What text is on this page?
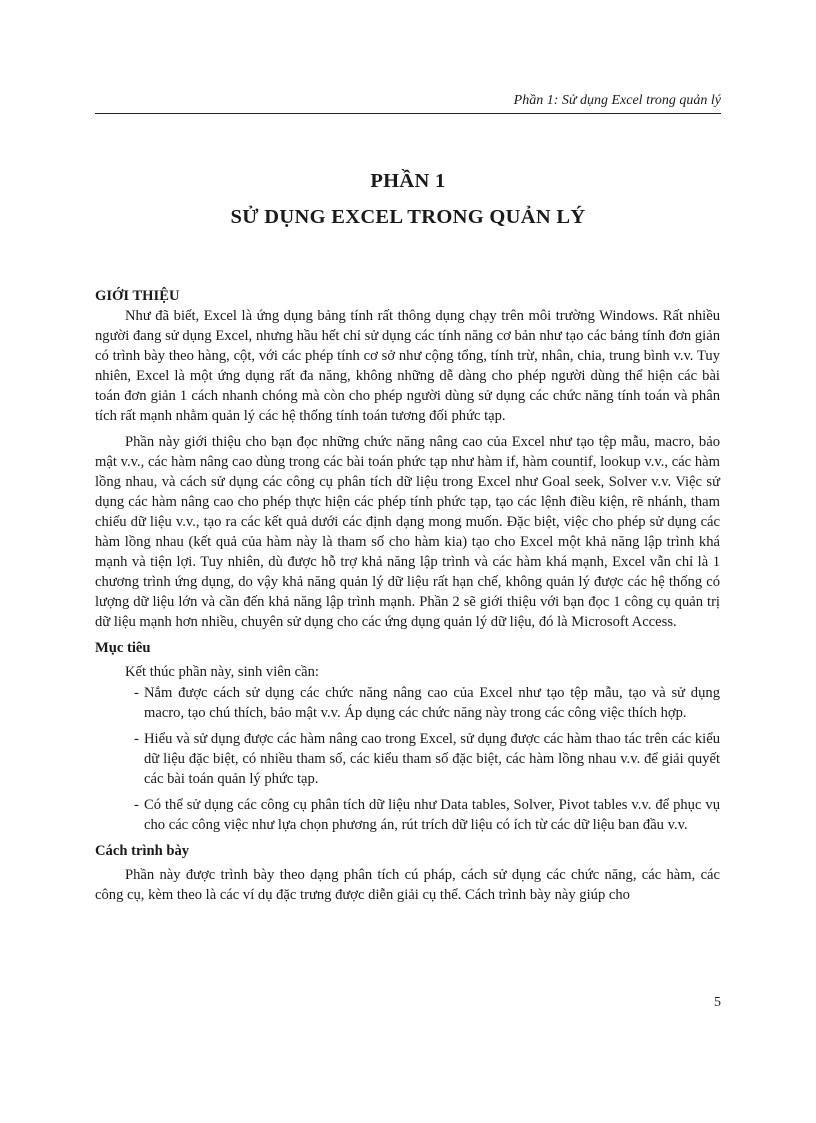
Phần 1: Sử dụng Excel trong quản lý
PHẦN 1
SỬ DỤNG EXCEL TRONG QUẢN LÝ

GIỚI THIỆU

Như đã biết, Excel là ứng dụng bảng tính rất thông dụng chạy trên môi trường Windows. Rất nhiều người đang sử dụng Excel, nhưng hầu hết chỉ sử dụng các tính năng cơ bản như tạo các bảng tính đơn giản có trình bày theo hàng, cột, với các phép tính cơ sở như cộng tổng, tính trừ, nhân, chia, trung bình v.v. Tuy nhiên, Excel là một ứng dụng rất đa năng, không những dễ dàng cho phép người dùng thể hiện các bài toán đơn giản 1 cách nhanh chóng mà còn cho phép người dùng sử dụng các chức năng tính toán và phân tích rất mạnh nhằm quản lý các hệ thống tính toán tương đối phức tạp.

Phần này giới thiệu cho bạn đọc những chức năng nâng cao của Excel như tạo tệp mẫu, macro, bảo mật v.v., các hàm nâng cao dùng trong các bài toán phức tạp như hàm if, hàm countif, lookup v.v., các hàm lồng nhau, và cách sử dụng các công cụ phân tích dữ liệu trong Excel như Goal seek, Solver v.v. Việc sử dụng các hàm nâng cao cho phép thực hiện các phép tính phức tạp, tạo các lệnh điều kiện, rẽ nhánh, tham chiếu dữ liệu v.v., tạo ra các kết quả dưới các định dạng mong muốn. Đặc biệt, việc cho phép sử dụng các hàm lồng nhau (kết quả của hàm này là tham số cho hàm kia) tạo cho Excel một khả năng lập trình khá mạnh và tiện lợi. Tuy nhiên, dù được hỗ trợ khả năng lập trình và các hàm khá mạnh, Excel vẫn chỉ là 1 chương trình ứng dụng, do vậy khả năng quản lý dữ liệu rất hạn chế, không quản lý được các hệ thống có lượng dữ liệu lớn và cần đến khả năng lập trình mạnh. Phần 2 sẽ giới thiệu với bạn đọc 1 công cụ quản trị dữ liệu mạnh hơn nhiều, chuyên sử dụng cho các ứng dụng quản lý dữ liệu, đó là Microsoft Access.

Mục tiêu

Kết thúc phần này, sinh viên cần:

- Nắm được cách sử dụng các chức năng nâng cao của Excel như tạo tệp mẫu, tạo và sử dụng macro, tạo chú thích, bảo mật v.v. Áp dụng các chức năng này trong các công việc thích hợp.
- Hiểu và sử dụng được các hàm nâng cao trong Excel, sử dụng được các hàm thao tác trên các kiểu dữ liệu đặc biệt, có nhiều tham số, các kiểu tham số đặc biệt, các hàm lồng nhau v.v. để giải quyết các bài toán quản lý phức tạp.
- Có thể sử dụng các công cụ phân tích dữ liệu như Data tables, Solver, Pivot tables v.v. để phục vụ cho các công việc như lựa chọn phương án, rút trích dữ liệu có ích từ các dữ liệu ban đầu v.v.

Cách trình bày

Phần này được trình bày theo dạng phân tích cú pháp, cách sử dụng các chức năng, các hàm, các công cụ, kèm theo là các ví dụ đặc trưng được diễn giải cụ thể. Cách trình bày này giúp cho

5
